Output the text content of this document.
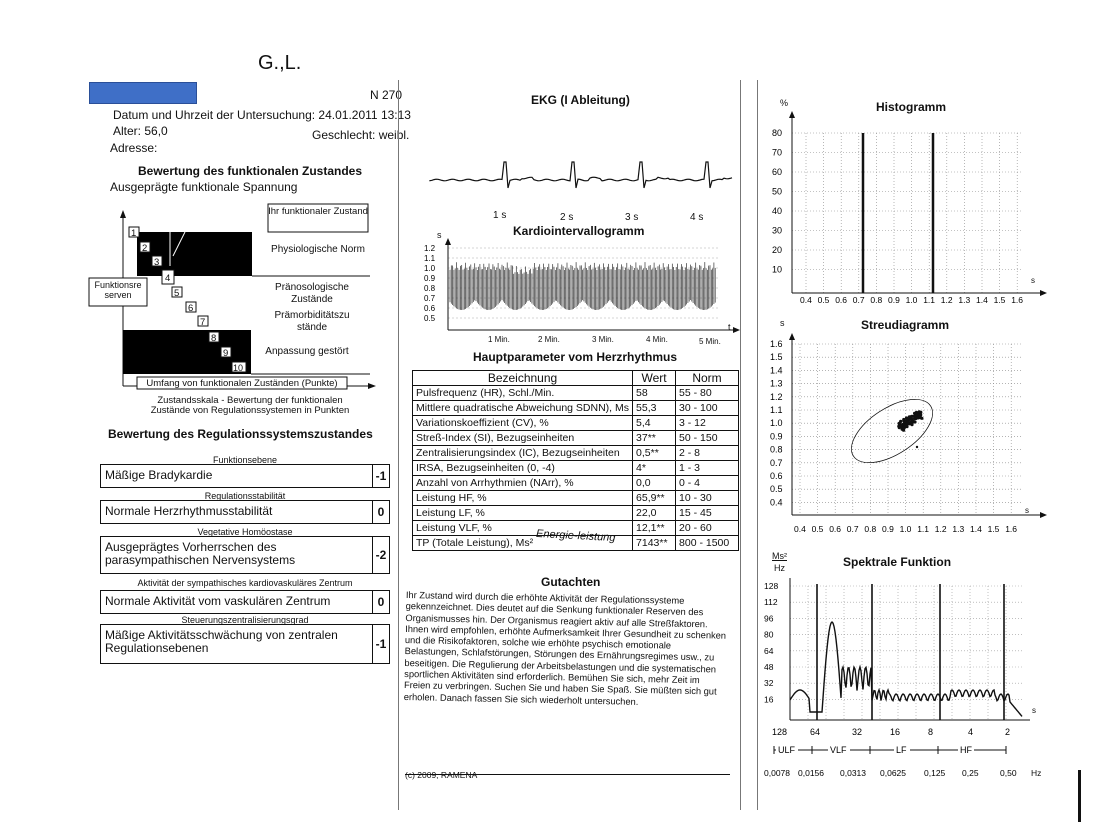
G.,L.
N 270
Datum und Uhrzeit der Untersuchung: 24.01.2011 13:13
Alter: 56,0	Geschlecht: weibl.
Adresse:
Bewertung des funktionalen Zustandes
Ausgeprägte funktionale Spannung
Ihr funktionaler Zustand
Physiologische Norm
Pränosologische Zustände
Prämorbiditätszu stände
Anpassung gestört
Funktionsre serven
Umfang von funktionalen Zuständen (Punkte)
1
2
3
4
5
6
7
8
9
10
Zustandsskala - Bewertung der funktionalen Zustände von Regulationssystemen in Punkten
Bewertung des Regulationssystemszustandes
Funktionsebene
Mäßige Bradykardie	-1
Regulationsstabilität
Normale Herzrhythmusstabilität	0
Vegetative Homöostase
Ausgeprägtes Vorherrschen des parasympathischen Nervensystems	-2
Aktivität der sympathisches kardiovaskuläres Zentrum
Normale Aktivität vom vaskulären Zentrum	0
Steuerungszentralisierungsgrad
Mäßige Aktivitätsschwächung von zentralen Regulationsebenen	-1
EKG (I Ableitung)
1 s	2 s	3 s	4 s
Kardiointervallogramm
s
1.2
1.1
1.0
0.9
0.8
0.7
0.6
0.5
t
1 Min.	2 Min.	3 Min.	4 Min.	5 Min.
Hauptparameter vom Herzrhythmus
Bezeichnung	Wert	Norm
Pulsfrequenz (HR), Schl./Min.	58	55 - 80
Mittlere quadratische Abweichung SDNN), Ms	55,3	30 - 100
Variationskoeffizient (CV), %	5,4	3 - 12
Streß-Index (SI), Bezugseinheiten	37**	50 - 150
Zentralisierungsindex (IC), Bezugseinheiten	0,5**	2 - 8
IRSA, Bezugseinheiten (0, -4)	4*	1 - 3
Anzahl von Arrhythmien (NArr), %	0,0	0 - 4
Leistung HF, %	65,9**	10 - 30
Leistung LF, %	22,0	15 - 45
Leistung VLF, %	12,1**	20 - 60
TP (Totale Leistung), Ms²	7143**	800 - 1500
Energie-leistung
Gutachten
Ihr Zustand wird durch die erhöhte Aktivität der Regulationssysteme gekennzeichnet. Dies deutet auf die Senkung funktionaler Reserven des Organismusses hin. Der Organismus reagiert aktiv auf alle Streßfaktoren. Ihnen wird empfohlen, erhöhte Aufmerksamkeit Ihrer Gesundheit zu schenken und die Risikofaktoren, solche wie erhöhte psychisch emotionale Belastungen, Schlafstörungen, Störungen des Ernährungsregimes usw., zu beseitigen. Die Regulierung der Arbeitsbelastungen und die systematischen sportlichen Aktivitäten sind erforderlich. Bemühen Sie sich, mehr Zeit im Freien zu verbringen. Suchen Sie und haben Sie Spaß. Sie müßten sich gut erholen. Danach fassen Sie sich wiederholt untersuchen.
(c) 2009, RAMENA
Histogramm
%
80
70
60
50
40
30
20
10
0.4 0.5 0.6 0.7 0.8 0.9 1.0 1.1 1.2 1.3 1.4 1.5 1.6
s
Streudiagramm
s
1.6
1.5
1.4
1.3
1.2
1.1
1.0
0.9
0.8
0.7
0.6
0.5
0.4
0.4 0.5 0.6 0.7 0.8 0.9 1.0 1.1 1.2 1.3 1.4 1.5 1.6
s
Spektrale Funktion
Ms²
Hz
128
112
96
80
64
48
32
16
128	64	32	16	8	4	2
ULF	VLF	LF	HF
0,0078 0,0156 0,0313 0,0625 0,125 0,25	0,50
s
Hz
